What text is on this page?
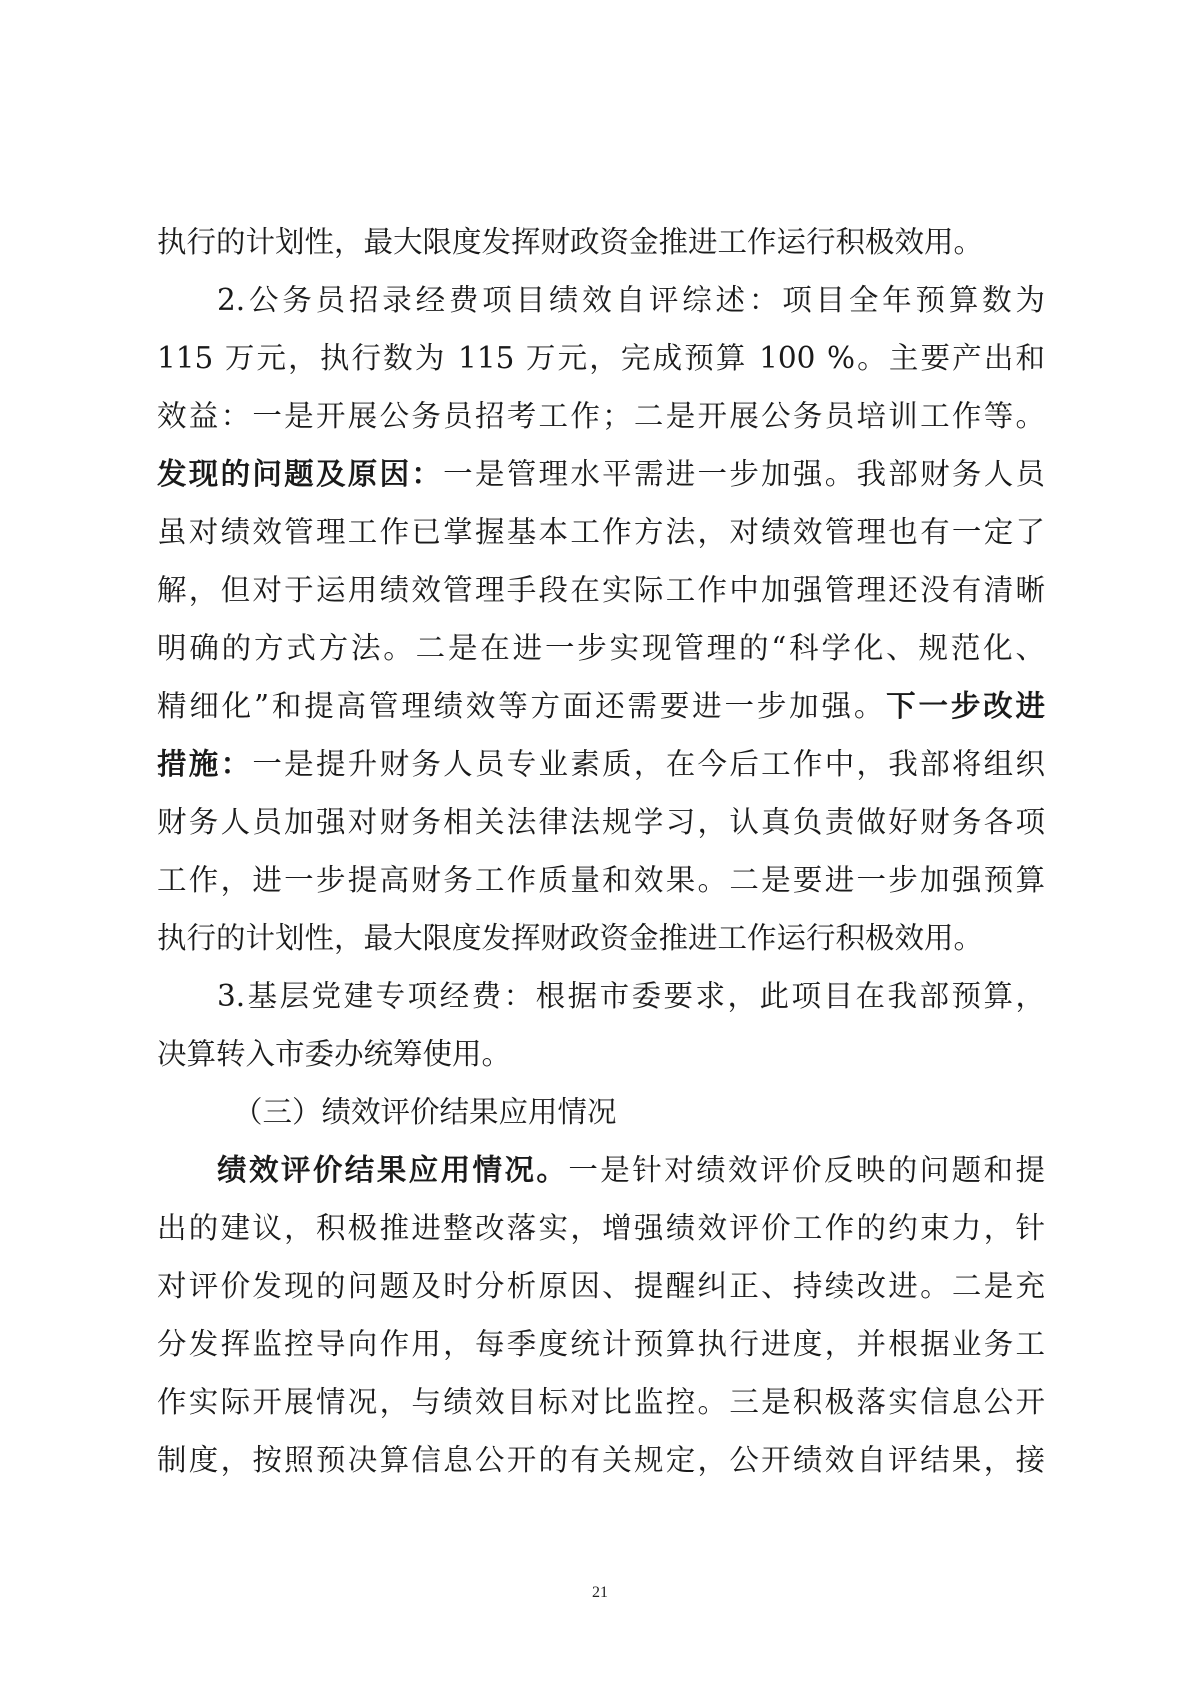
执行的计划性，最大限度发挥财政资金推进工作运行积极效用。
2.公务员招录经费项目绩效自评综述：项目全年预算数为
115 万元，执行数为 115 万元，完成预算 100 %。主要产出和
效益：一是开展公务员招考工作；二是开展公务员培训工作等。
发现的问题及原因：一是管理水平需进一步加强。我部财务人员
虽对绩效管理工作已掌握基本工作方法，对绩效管理也有一定了
解，但对于运用绩效管理手段在实际工作中加强管理还没有清晰
明确的方式方法。二是在进一步实现管理的“科学化、规范化、
精细化”和提高管理绩效等方面还需要进一步加强。下一步改进
措施：一是提升财务人员专业素质，在今后工作中，我部将组织
财务人员加强对财务相关法律法规学习，认真负责做好财务各项
工作，进一步提高财务工作质量和效果。二是要进一步加强预算
执行的计划性，最大限度发挥财政资金推进工作运行积极效用。
3.基层党建专项经费：根据市委要求，此项目在我部预算，
决算转入市委办统筹使用。
（三）绩效评价结果应用情况
绩效评价结果应用情况。一是针对绩效评价反映的问题和提
出的建议，积极推进整改落实，增强绩效评价工作的约束力，针
对评价发现的问题及时分析原因、提醒纠正、持续改进。二是充
分发挥监控导向作用，每季度统计预算执行进度，并根据业务工
作实际开展情况，与绩效目标对比监控。三是积极落实信息公开
制度，按照预决算信息公开的有关规定，公开绩效自评结果，接
21
